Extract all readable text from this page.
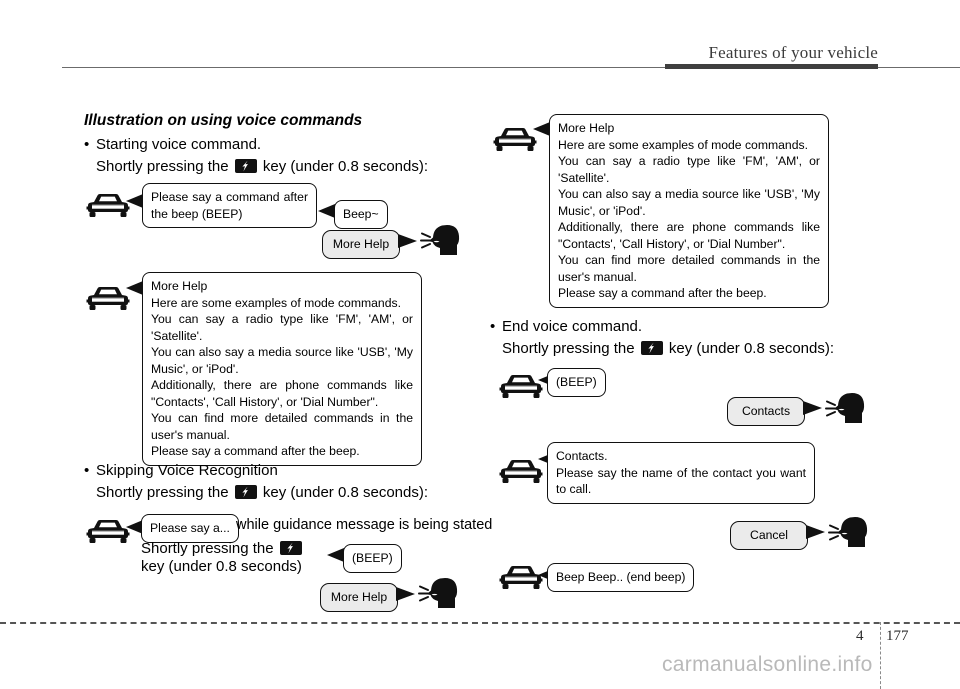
Features of your vehicle
Illustration on using voice commands
• Starting voice command.
Shortly pressing the key (under 0.8 seconds):

Please say a command after the beep (BEEP)	Beep~

More Help

More Help

Here are some examples of mode commands.

You can say a radio type like 'FM', 'AM', or 'Satellite'.

You can also say a media source like 'USB', 'My Music', or 'iPod'.

Additionally, there are phone commands like "Contacts', 'Call History', or 'Dial Number".

You can find more detailed commands in the user's manual.

Please say a command after the beep.

• Skipping Voice Recognition
Shortly pressing the key (under 0.8 seconds):

Please say a... while guidance message is being stated
Shortly pressing the
key (under 0.8 seconds)	(BEEP)

More Help

More Help

Here are some examples of mode commands.

You can say a radio type like 'FM', 'AM', or 'Satellite'.

You can also say a media source like 'USB', 'My Music', or 'iPod'.

Additionally, there are phone commands like "Contacts', 'Call History', or 'Dial Number".

You can find more detailed commands in the user's manual.

Please say a command after the beep.

• End voice command.
Shortly pressing the key (under 0.8 seconds):

(BEEP)

Contacts

Contacts.

Please say the name of the contact you want to call.

Cancel

Beep Beep.. (end beep)

4 177
carmanualsonline.info
